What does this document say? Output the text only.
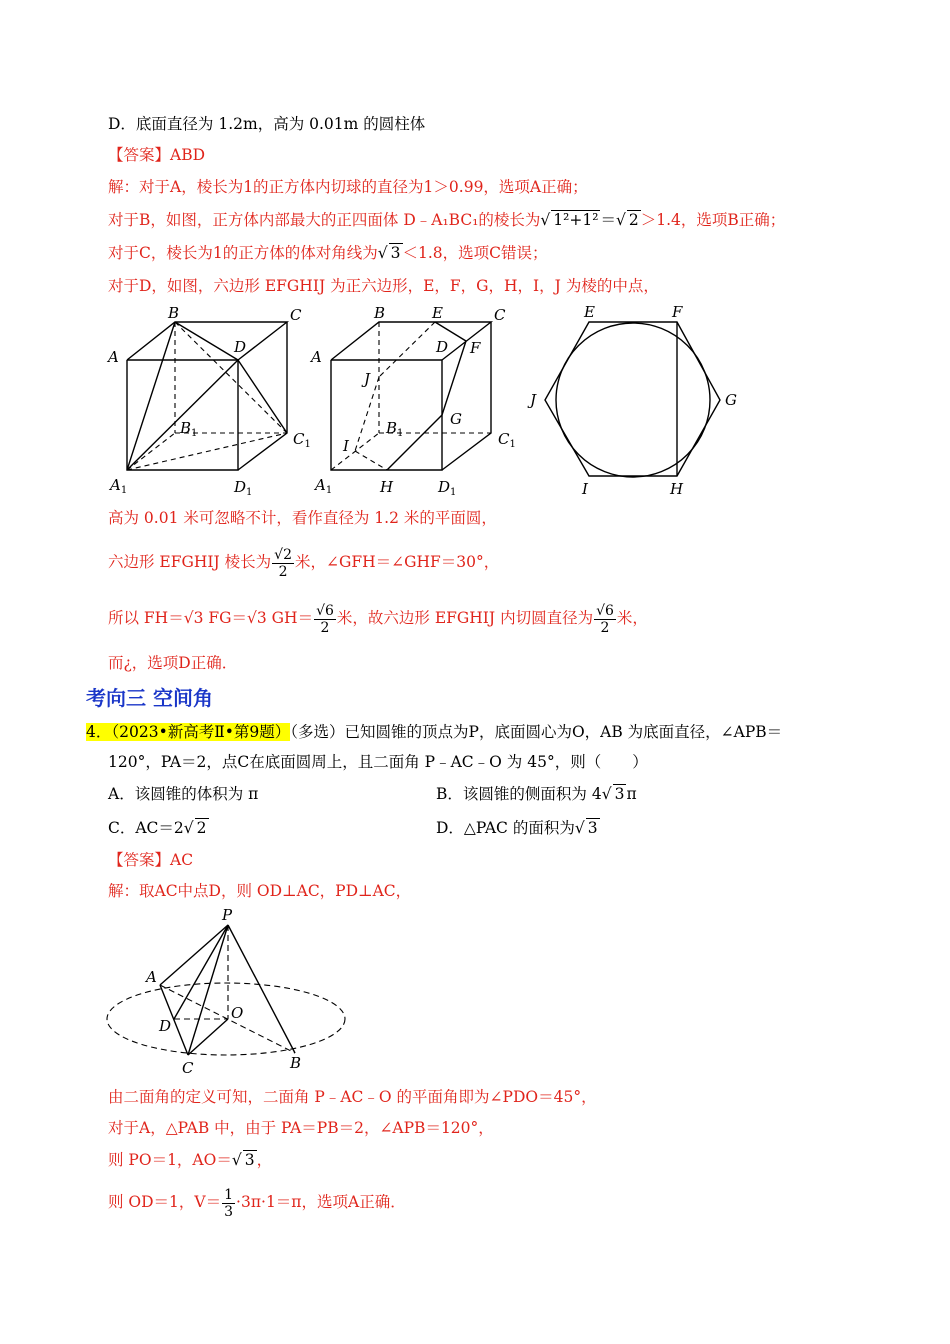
D．底面直径为 1.2m，高为 0.01m 的圆柱体
【答案】ABD
解：对于A，棱长为1的正方体内切球的直径为1＞0.99，选项A正确；
对于B，如图，正方体内部最大的正四面体 D﹣A₁BC₁的棱长为√ 1²+1² ＝√ 2 ＞1.4，选项B正确；
对于C，棱长为1的正方体的体对角线为√ 3 ＜1.8，选项C错误；
对于D，如图，六边形 EFGHIJ 为正六边形，E，F，G，H，I，J 为棱的中点，
A
B	C
D
$B_1$	$C_1$
$A_1$	$D_1$
A
B	E	C
D F
J
G
$B_1$
I	$C_1$
$A_1$	H	$D_1$
E	F
G
H
I
J
高为 0.01 米可忽略不计，看作直径为 1.2 米的平面圆，
六边形 EFGHIJ 棱长为 $\frac{√2}{2}$ 米，∠GFH＝∠GHF＝30°，
所以 FH＝√3 FG＝√3 $GH= \frac{√6}{2}$ 米，故六边形 EFGHIJ 内切圆直径为 $\frac{√6}{2}$ 米，
而¿，选项D正确．
考向三 空间角
4．（2023•新高考Ⅱ•第9题）（多选）已知圆锥的顶点为P，底面圆心为O，AB 为底面直径，∠APB＝
120°，PA＝2，点C在底面圆周上，且二面角 P﹣AC﹣O 为 45°，则（　　）
A．该圆锥的体积为 π	B．该圆锥的侧面积为 4√ 3 π
C．AC＝2√ 2	D．△PAC 的面积为√ 3
【答案】AC
解：取AC中点D，则 OD⊥AC，PD⊥AC，
P
A
D
O
C	B
由二面角的定义可知，二面角 P﹣AC﹣O 的平面角即为∠PDO＝45°，
对于A，△PAB 中，由于 PA＝PB＝2，∠APB＝120°，
则 PO＝1，AO＝√ 3 ，
则 OD＝1，$V= \frac{1}{3} \cdot 3\pi\cdot 1=\pi$，选项A正确．
